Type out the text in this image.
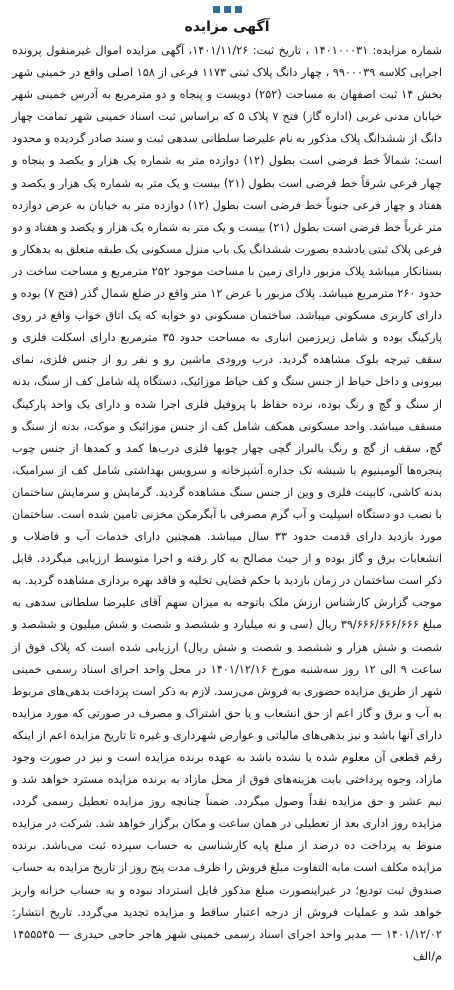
آگهی مزایده
شماره مزایده: ۱۴۰۱۰۰۰۳۱ ، تاریخ ثبت: ۱۴۰۱/۱۱/۲۶، آگهی مزایده اموال غیرمنقول پرونده اجرایی کلاسه ۹۹۰۰۰۳۹ ، چهار دانگ پلاک ثبتی ۱۱۷۳ فرعی از ۱۵۸ اصلی واقع در خمینی شهر بخش ۱۴ ثبت اصفهان به مساحت (۲۵۲) دویست و پنجاه و دو مترمربع به آدرس خمینی شهر خیابان مدنی غربی (اداره گاز) فتح ۷ پلاک ۵ که براساس ثبت اسناد خمینی شهر تمامت چهار دانگ از ششدانگ پلاک مذکور به نام علیرضا سلطانی سدهی ثبت و سند صادر گردیده و محدود است: شمالاً خط فرضی است بطول (۱۲) دوازده متر به شماره یک هزار و یکصد و پنجاه و چهار فرعی شرقاً خط فرضی است بطول (۲۱) بیست و یک متر به شماره یک هزار و یکصد و هفتاد و چهار فرعی جنوباً خط فرضی است بطول (۱۲) دوازده متر به خیابان به عرض دوازده متر غرباً خط فرضی است بطول (۲۱) بیست و یک متر به شماره یک هزار و یکصد و هفتاد و دو فرعی پلاک ثبتی یادشده بصورت ششدانگ یک باب منزل مسکونی یک طبقه متعلق به بدهکار و بستانکار میباشد پلاک مزبور دارای زمین با مساحت موجود ۲۵۲ مترمربع و مساحت ساخت در حدود ۲۶۰ مترمربع میباشد. پلاک مزبور با عرض ۱۲ متر واقع در ضلع شمال گذر (فتح ۷) بوده و دارای کاربری مسکونی میباشد. ساختمان مسکونی دو خوابه که یک اتاق خواب واقع در روی پارکینگ بوده و شامل زیرزمین انباری به مساحت حدود ۳۵ مترمربع دارای اسکلت فلزی و سقف تیرچه بلوک مشاهده گردید. درب ورودی ماشین رو و نفر رو از جنس فلزی، نمای بیرونی و داخل حیاط از جنس سنگ و کف حیاط موزائیک، دستگاه پله شامل کف از سنگ، بدنه از سنگ و گچ و رنگ بوده، نرده حفاظ با پروفیل فلزی اجرا شده و دارای یک واحد پارکینگ مسقف میباشد. واحد مسکونی همکف شامل کف از جنس موزائیک و موکت، بدنه از سنگ و گچ، سقف از گچ و رنگ بالبراز گچی چهار چوبها فلزی درب‌ها کمد و کمدها از جنس چوب پنجره‌ها آلومینیوم با شیشه تک جداره آشپزخانه و سرویس بهداشتی شامل کف از سرامیک، بدنه کاشی، کابینت فلزی و وین از جنس سنگ مشاهده گردید. گرمایش و سرمایش ساختمان با نصب دو دستگاه اسپلیت و آب گرم مصرفی با آبگرمکن مخزنی تامین شده است. ساختمان مورد بازدید دارای قدمت حدود ۳۳ سال میباشد. همچنین دارای خدمات آب و فاضلاب و انشعابات برق و گاز بوده و از حیث مصالح به کار رفته و اجرا متوسط ارزیابی میگردد. قابل ذکر است ساختمان در زمان بازدید با حکم قضایی تخلیه و فاقد بهره برداری مشاهده گردید. به موجب گزارش کارشناس ارزش ملک باتوجه به میزان سهم آقای علیرضا سلطانی سدهی به مبلغ ۳۹/۶۶۶/۶۶۶/۶۶۶ ریال (سی و نه میلیارد و ششصد و شصت و شش میلیون و ششصد و شصت و شش هزار و ششصد و شصت و شش ریال) ارزیابی شده است که پلاک فوق از ساعت ۹ الی ۱۲ روز سه‌شنبه مورخ ۱۴۰۱/۱۲/۱۶ در محل واحد اجرای اسناد رسمی خمینی شهر از طریق مزایده حضوری به فروش می‌رسد. لازم به ذکر است پرداخت بدهی‌های مربوط به آب و برق و گاز اعم از حق انشعاب و یا حق اشتراک و مصرف در صورتی که مورد مزایده دارای آنها باشد و نیز بدهی‌های مالیاتی و عوارض شهرداری و غیره تا تاریخ مزایده اعم از اینکه رقم قطعی آن معلوم شده یا نشده باشد به عهده برنده مزایده است و نیز در صورت وجود مازاد، وجوه پرداختی بابت هزینه‌های فوق از محل مازاد به برنده مزایده مسترد خواهد شد و نیم عشر و حق مزایده نقداً وصول میگردد. ضمناً چنانچه روز مزایده تعطیل رسمی گردد، مزایده روز اداری بعد از تعطیلی در همان ساعت و مکان برگزار خواهد شد. شرکت در مزایده منوط به پرداخت ده درصد از مبلغ پایه کارشناسی به حساب سپرده ثبت می‌باشد. برنده مزایده مکلف است مابه التفاوت مبلغ فروش را ظرف مدت پنج روز از تاریخ مزایده به حساب صندوق ثبت تودیع؛ در غیراینصورت مبلغ مذکور قابل استرداد نبوده و به حساب خزانه واریز خواهد شد و عملیات فروش از درجه اعتبار ساقط و مزایده تجدید می‌گردد. تاریخ انتشار: ۱۴۰۱/۱۲/۰۲ — مدیر واحد اجرای اسناد رسمی خمینی شهر هاجر حاجی حیدری — ۱۴۵۵۵۴۵ م/الف
